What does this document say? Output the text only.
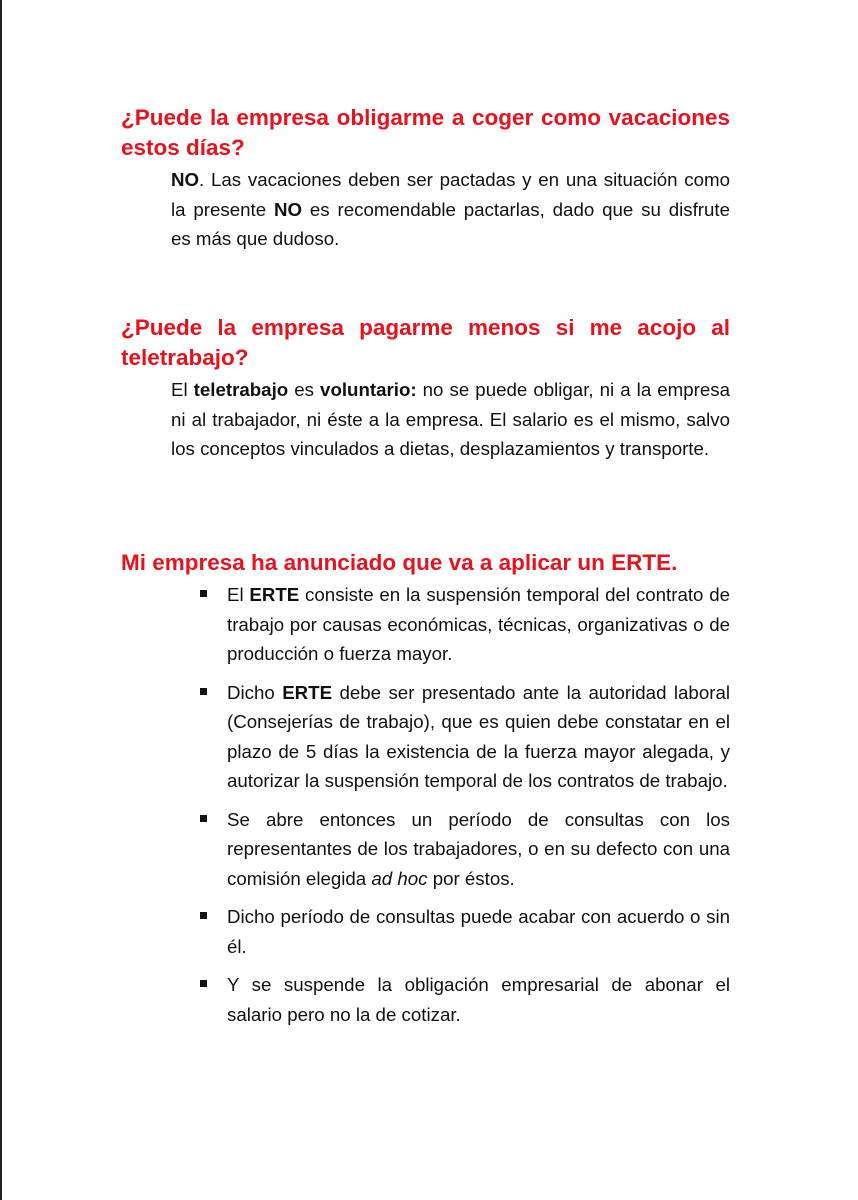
¿Puede la empresa obligarme a coger como vacaciones estos días?

NO. Las vacaciones deben ser pactadas y en una situación como la presente NO es recomendable pactarlas, dado que su disfrute es más que dudoso.

¿Puede la empresa pagarme menos si me acojo al teletrabajo?

El teletrabajo es voluntario: no se puede obligar, ni a la empresa ni al trabajador, ni éste a la empresa. El salario es el mismo, salvo los conceptos vinculados a dietas, desplazamientos y transporte.

Mi empresa ha anunciado que va a aplicar un ERTE.
El ERTE consiste en la suspensión temporal del contrato de trabajo por causas económicas, técnicas, organizativas o de producción o fuerza mayor.
Dicho ERTE debe ser presentado ante la autoridad laboral (Consejerías de trabajo), que es quien debe constatar en el plazo de 5 días la existencia de la fuerza mayor alegada, y autorizar la suspensión temporal de los contratos de trabajo.
Se abre entonces un período de consultas con los representantes de los trabajadores, o en su defecto con una comisión elegida ad hoc por éstos.
Dicho período de consultas puede acabar con acuerdo o sin él.
Y se suspende la obligación empresarial de abonar el salario pero no la de cotizar.
